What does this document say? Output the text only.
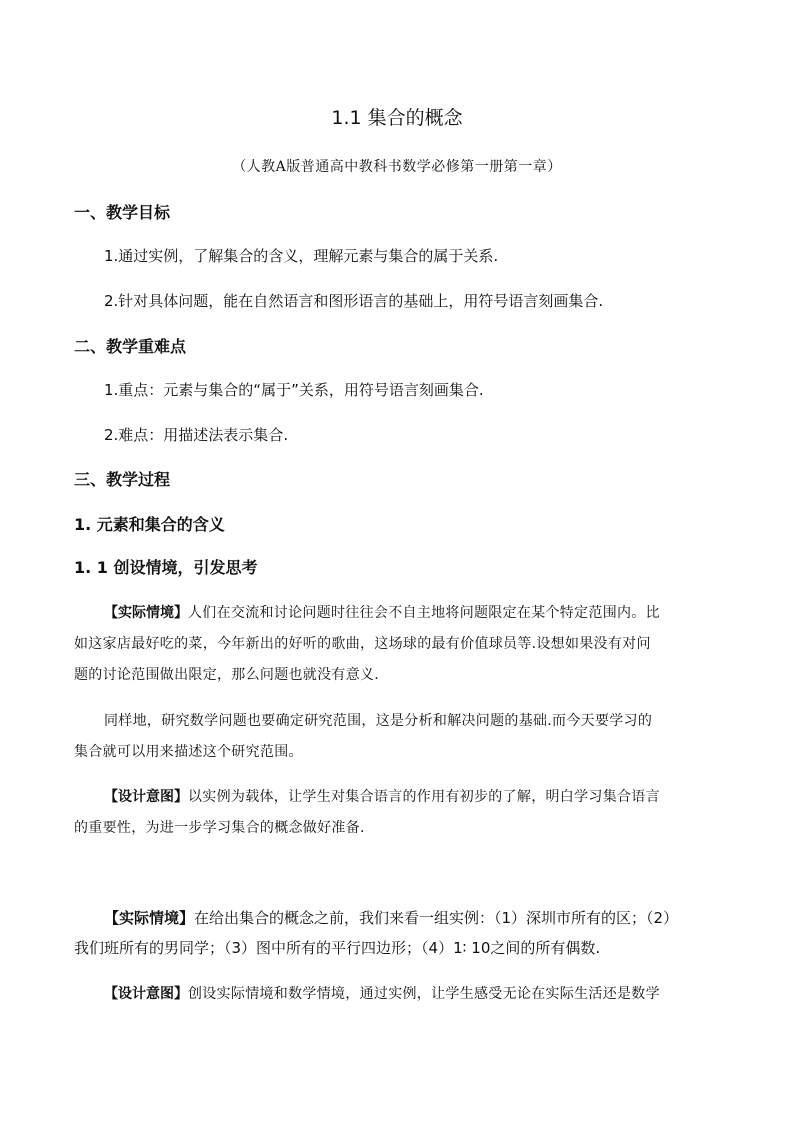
1.1 集合的概念
（人教A版普通高中教科书数学必修第一册第一章）
一、教学目标
1.通过实例，了解集合的含义，理解元素与集合的属于关系.
2.针对具体问题，能在自然语言和图形语言的基础上，用符号语言刻画集合.
二、教学重难点
1.重点：元素与集合的“属于”关系，用符号语言刻画集合.
2.难点：用描述法表示集合.
三、教学过程
1. 元素和集合的含义
1. 1 创设情境，引发思考
【实际情境】人们在交流和讨论问题时往往会不自主地将问题限定在某个特定范围内。比
如这家店最好吃的菜，今年新出的好听的歌曲，这场球的最有价值球员等.设想如果没有对问
题的讨论范围做出限定，那么问题也就没有意义.
同样地，研究数学问题也要确定研究范围，这是分析和解决问题的基础.而今天要学习的
集合就可以用来描述这个研究范围。
【设计意图】以实例为载体，让学生对集合语言的作用有初步的了解，明白学习集合语言
的重要性，为进一步学习集合的概念做好准备.
【实际情境】在给出集合的概念之前，我们来看一组实例：（1）深圳市所有的区；（2）
我们班所有的男同学；（3）图中所有的平行四边形；（4）1∶ 10之间的所有偶数.
【设计意图】创设实际情境和数学情境，通过实例，让学生感受无论在实际生活还是数学
